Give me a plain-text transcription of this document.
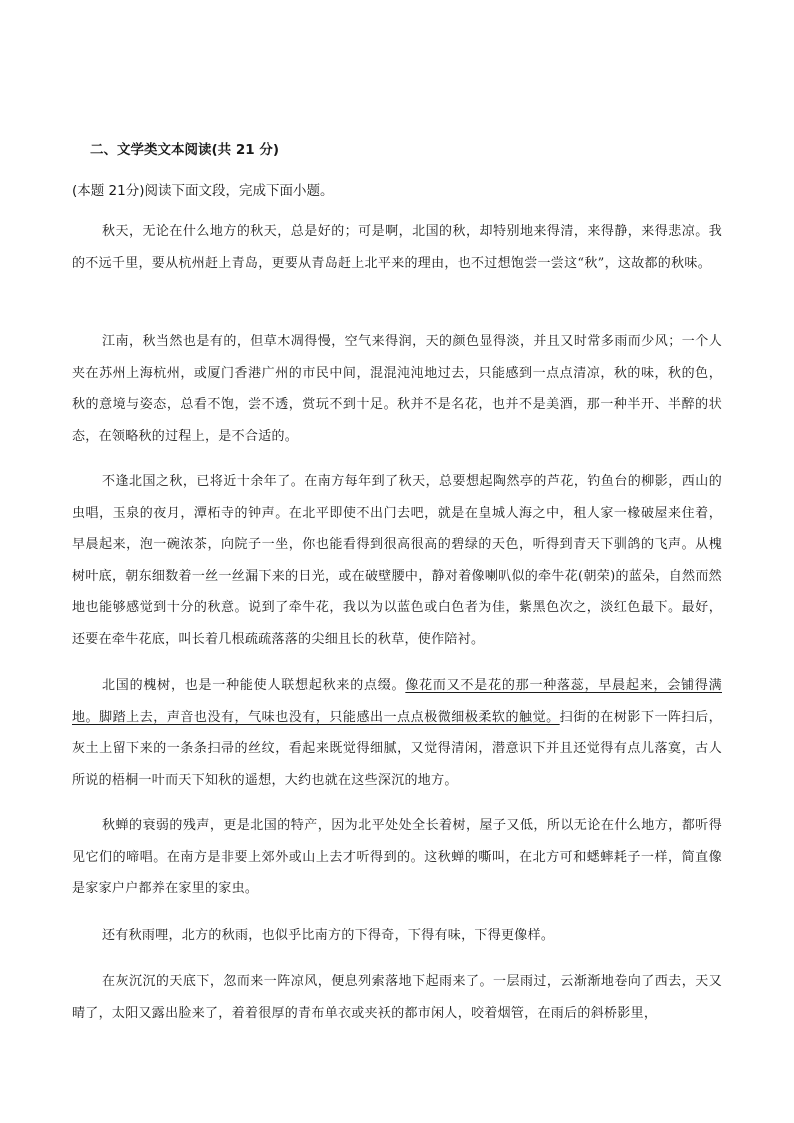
二、文学类文本阅读(共 21 分)

(本题 21分)阅读下面文段，完成下面小题。

秋天，无论在什么地方的秋天，总是好的；可是啊，北国的秋，却特别地来得清，来得静，来得悲凉。我的不远千里，要从杭州赶上青岛，更要从青岛赶上北平来的理由，也不过想饱尝一尝这“秋”，这故都的秋味。

江南，秋当然也是有的，但草木凋得慢，空气来得润，天的颜色显得淡，并且又时常多雨而少风；一个人夹在苏州上海杭州，或厦门香港广州的市民中间，混混沌沌地过去，只能感到一点点清凉，秋的味，秋的色，秋的意境与姿态，总看不饱，尝不透，赏玩不到十足。秋并不是名花，也并不是美酒，那一种半开、半醉的状态，在领略秋的过程上，是不合适的。

不逢北国之秋，已将近十余年了。在南方每年到了秋天，总要想起陶然亭的芦花，钓鱼台的柳影，西山的虫唱，玉泉的夜月，潭柘寺的钟声。在北平即使不出门去吧，就是在皇城人海之中，租人家一椽破屋来住着，早晨起来，泡一碗浓茶，向院子一坐，你也能看得到很高很高的碧绿的天色，听得到青天下驯鸽的飞声。从槐树叶底，朝东细数着一丝一丝漏下来的日光，或在破壁腰中，静对着像喇叭似的牵牛花(朝荣)的蓝朵，自然而然地也能够感觉到十分的秋意。说到了牵牛花，我以为以蓝色或白色者为佳，紫黑色次之，淡红色最下。最好，还要在牵牛花底，叫长着几根疏疏落落的尖细且长的秋草，使作陪衬。

北国的槐树，也是一种能使人联想起秋来的点缀。像花而又不是花的那一种落蕊，早晨起来，会铺得满地。脚踏上去，声音也没有，气味也没有，只能感出一点点极微细极柔软的触觉。扫街的在树影下一阵扫后，灰土上留下来的一条条扫帚的丝纹，看起来既觉得细腻，又觉得清闲，潜意识下并且还觉得有点儿落寞，古人所说的梧桐一叶而天下知秋的遥想，大约也就在这些深沉的地方。

秋蝉的衰弱的残声，更是北国的特产，因为北平处处全长着树，屋子又低，所以无论在什么地方，都听得见它们的啼唱。在南方是非要上郊外或山上去才听得到的。这秋蝉的嘶叫，在北方可和蟋蟀耗子一样，简直像是家家户户都养在家里的家虫。

还有秋雨哩，北方的秋雨，也似乎比南方的下得奇，下得有味，下得更像样。

在灰沉沉的天底下，忽而来一阵凉风，便息列索落地下起雨来了。一层雨过，云渐渐地卷向了西去，天又晴了，太阳又露出脸来了，着着很厚的青布单衣或夹袄的都市闲人，咬着烟管，在雨后的斜桥影里，
